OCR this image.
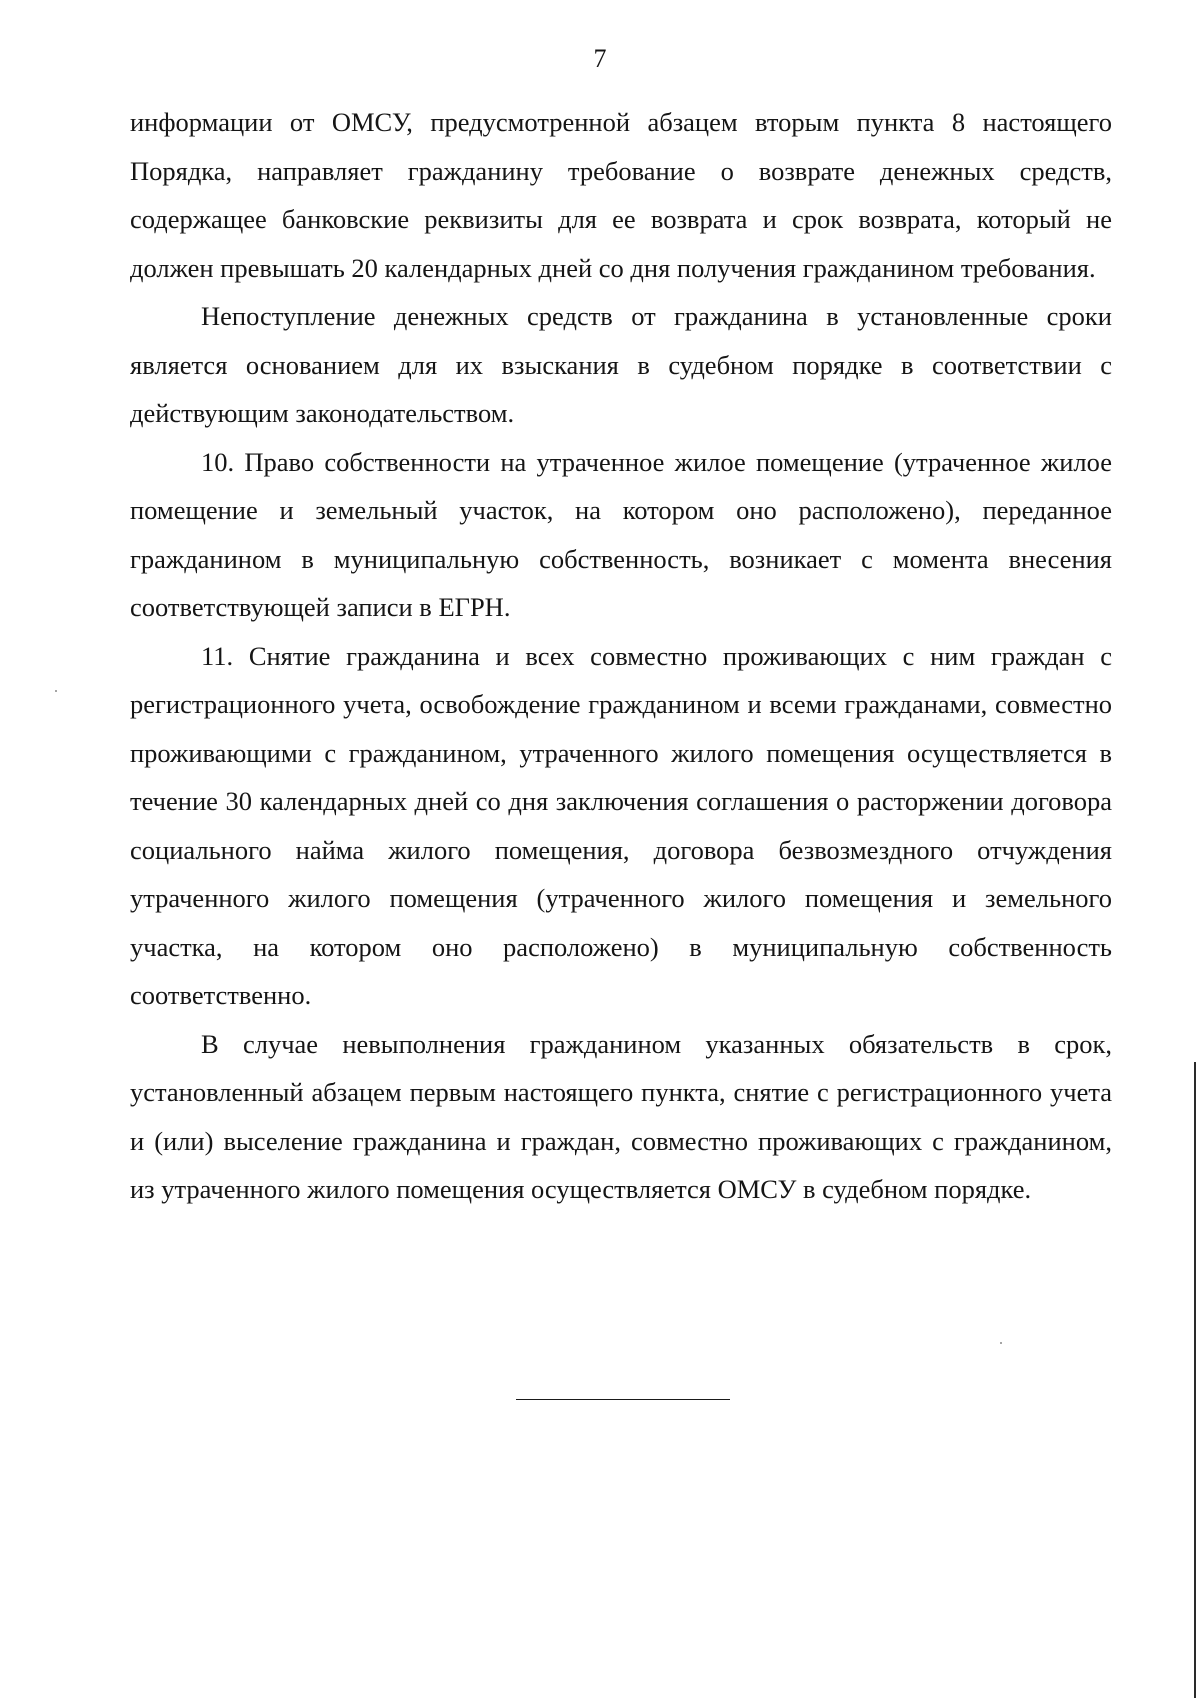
7

информации от ОМСУ, предусмотренной абзацем вторым пункта 8 настоящего Порядка, направляет гражданину требование о возврате денежных средств, содержащее банковские реквизиты для ее возврата и срок возврата, который не должен превышать 20 календарных дней со дня получения гражданином требования.

Непоступление денежных средств от гражданина в установленные сроки является основанием для их взыскания в судебном порядке в соответствии с действующим законодательством.

10. Право собственности на утраченное жилое помещение (утраченное жилое помещение и земельный участок, на котором оно расположено), переданное гражданином в муниципальную собственность, возникает с момента внесения соответствующей записи в ЕГРН.

11. Снятие гражданина и всех совместно проживающих с ним граждан с регистрационного учета, освобождение гражданином и всеми гражданами, совместно проживающими с гражданином, утраченного жилого помещения осуществляется в течение 30 календарных дней со дня заключения соглашения о расторжении договора социального найма жилого помещения, договора безвозмездного отчуждения утраченного жилого помещения (утраченного жилого помещения и земельного участка, на котором оно расположено) в муниципальную собственность соответственно.

В случае невыполнения гражданином указанных обязательств в срок, установленный абзацем первым настоящего пункта, снятие с регистрационного учета и (или) выселение гражданина и граждан, совместно проживающих с гражданином, из утраченного жилого помещения осуществляется ОМСУ в судебном порядке.
